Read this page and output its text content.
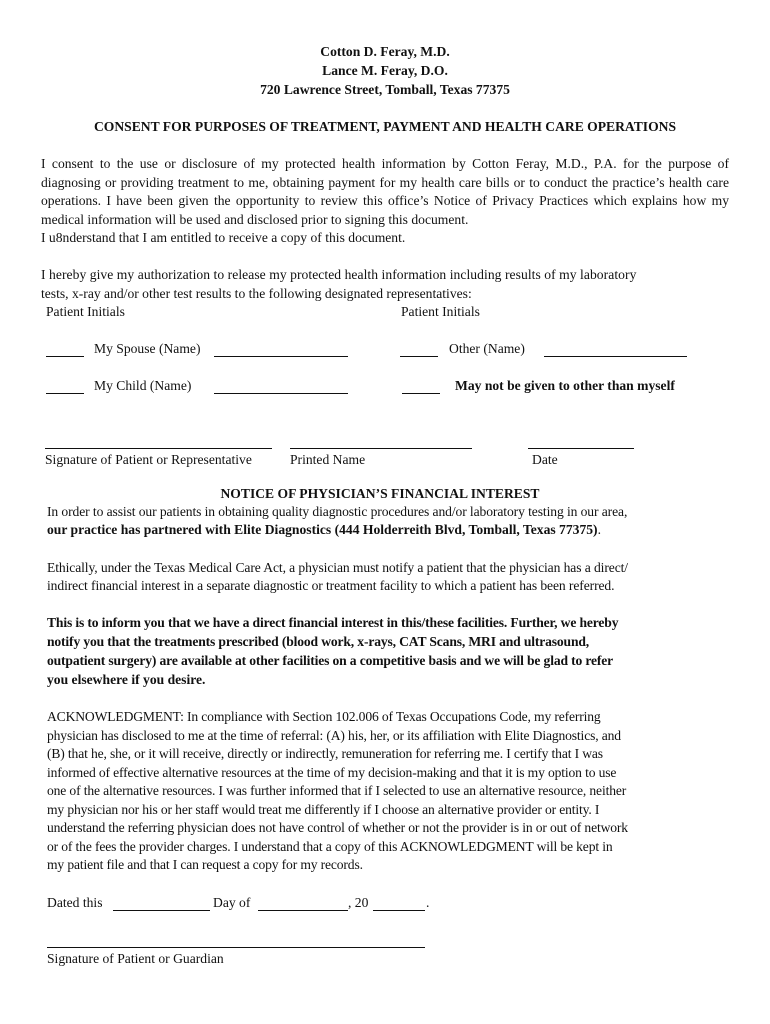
Cotton D. Feray, M.D.
Lance M. Feray, D.O.
720 Lawrence Street, Tomball, Texas 77375
CONSENT FOR PURPOSES OF TREATMENT, PAYMENT AND HEALTH CARE OPERATIONS
I consent to the use or disclosure of my protected health information by Cotton Feray, M.D., P.A. for the purpose of diagnosing or providing treatment to me, obtaining payment for my health care bills or to conduct the practice’s health care operations. I have been given the opportunity to review this office’s Notice of Privacy Practices which explains how my medical information will be used and disclosed prior to signing this document.
I u8nderstand that I am entitled to receive a copy of this document.
I hereby give my authorization to release my protected health information including results of my laboratory
tests, x-ray and/or other test results to the following designated representatives:
Patient Initials	Patient Initials
My Spouse (Name)	Other (Name)
My Child (Name)	May not be given to other than myself
Signature of Patient or Representative	Printed Name	Date
NOTICE OF PHYSICIAN’S FINANCIAL INTEREST
In order to assist our patients in obtaining quality diagnostic procedures and/or laboratory testing in our area,
our practice has partnered with Elite Diagnostics (444 Holderreith Blvd, Tomball, Texas 77375).
Ethically, under the Texas Medical Care Act, a physician must notify a patient that the physician has a direct/
indirect financial interest in a separate diagnostic or treatment facility to which a patient has been referred.
This is to inform you that we have a direct financial interest in this/these facilities. Further, we hereby
notify you that the treatments prescribed (blood work, x-rays, CAT Scans, MRI and ultrasound,
outpatient surgery) are available at other facilities on a competitive basis and we will be glad to refer
you elsewhere if you desire.
ACKNOWLEDGMENT: In compliance with Section 102.006 of Texas Occupations Code, my referring
physician has disclosed to me at the time of referral: (A) his, her, or its affiliation with Elite Diagnostics, and
(B) that he, she, or it will receive, directly or indirectly, remuneration for referring me. I certify that I was
informed of effective alternative resources at the time of my decision-making and that it is my option to use
one of the alternative resources. I was further informed that if I selected to use an alternative resource, neither
my physician nor his or her staff would treat me differently if I choose an alternative provider or entity. I
understand the referring physician does not have control of whether or not the provider is in or out of network
or of the fees the provider charges. I understand that a copy of this ACKNOWLEDGMENT will be kept in
my patient file and that I can request a copy for my records.
Dated this	Day of	, 20	.
Signature of Patient or Guardian
